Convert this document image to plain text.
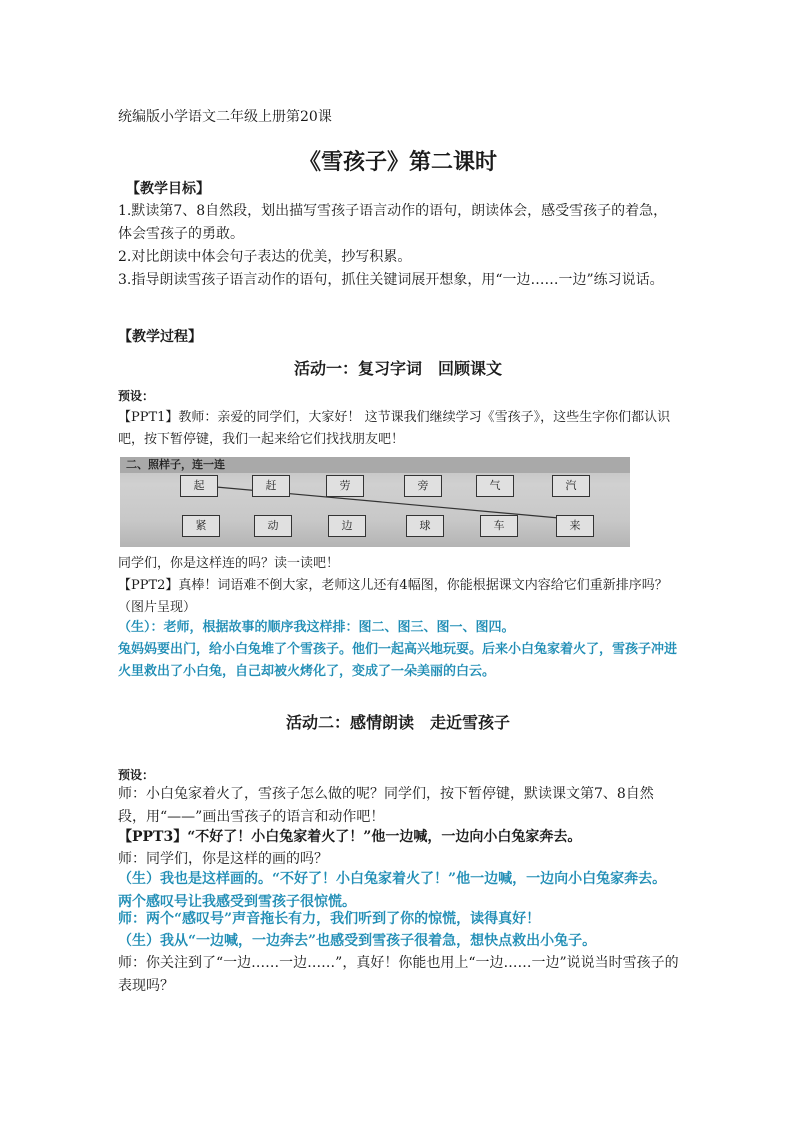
统编版小学语文二年级上册第20课
《雪孩子》第二课时
【教学目标】
1.默读第7、8自然段，划出描写雪孩子语言动作的语句，朗读体会，感受雪孩子的着急，体会雪孩子的勇敢。
2.对比朗读中体会句子表达的优美，抄写积累。
3.指导朗读雪孩子语言动作的语句，抓住关键词展开想象，用“一边……一边”练习说话。
【教学过程】
活动一：复习字词　回顾课文
预设：
【PPT1】教师：亲爱的同学们，大家好！ 这节课我们继续学习《雪孩子》，这些生字你们都认识吧，按下暂停键，我们一起来给它们找找朋友吧！
二、照样子，连一连
起	赶	劳	旁	气	汽
紧	动	边	球	车	来
同学们，你是这样连的吗？读一读吧！
【PPT2】真棒！词语难不倒大家，老师这儿还有4幅图，你能根据课文内容给它们重新排序吗？（图片呈现）
（生）：老师，根据故事的顺序我这样排：图二、图三、图一、图四。
兔妈妈要出门，给小白兔堆了个雪孩子。他们一起高兴地玩耍。后来小白兔家着火了，雪孩子冲进火里救出了小白兔，自己却被火烤化了，变成了一朵美丽的白云。
活动二：感情朗读　走近雪孩子
预设：
师：小白兔家着火了，雪孩子怎么做的呢？同学们，按下暂停键，默读课文第7、8自然段，用“——”画出雪孩子的语言和动作吧！
【PPT3】“不好了！小白兔家着火了！”他一边喊，一边向小白兔家奔去。
师：同学们，你是这样的画的吗？
（生）我也是这样画的。“不好了！小白兔家着火了！”他一边喊，一边向小白兔家奔去。两个感叹号让我感受到雪孩子很惊慌。
师：两个“感叹号”声音拖长有力，我们听到了你的惊慌，读得真好！
（生）我从“一边喊，一边奔去”也感受到雪孩子很着急，想快点救出小兔子。
师：你关注到了“一边……一边……”，真好！你能也用上“一边……一边”说说当时雪孩子的表现吗？
